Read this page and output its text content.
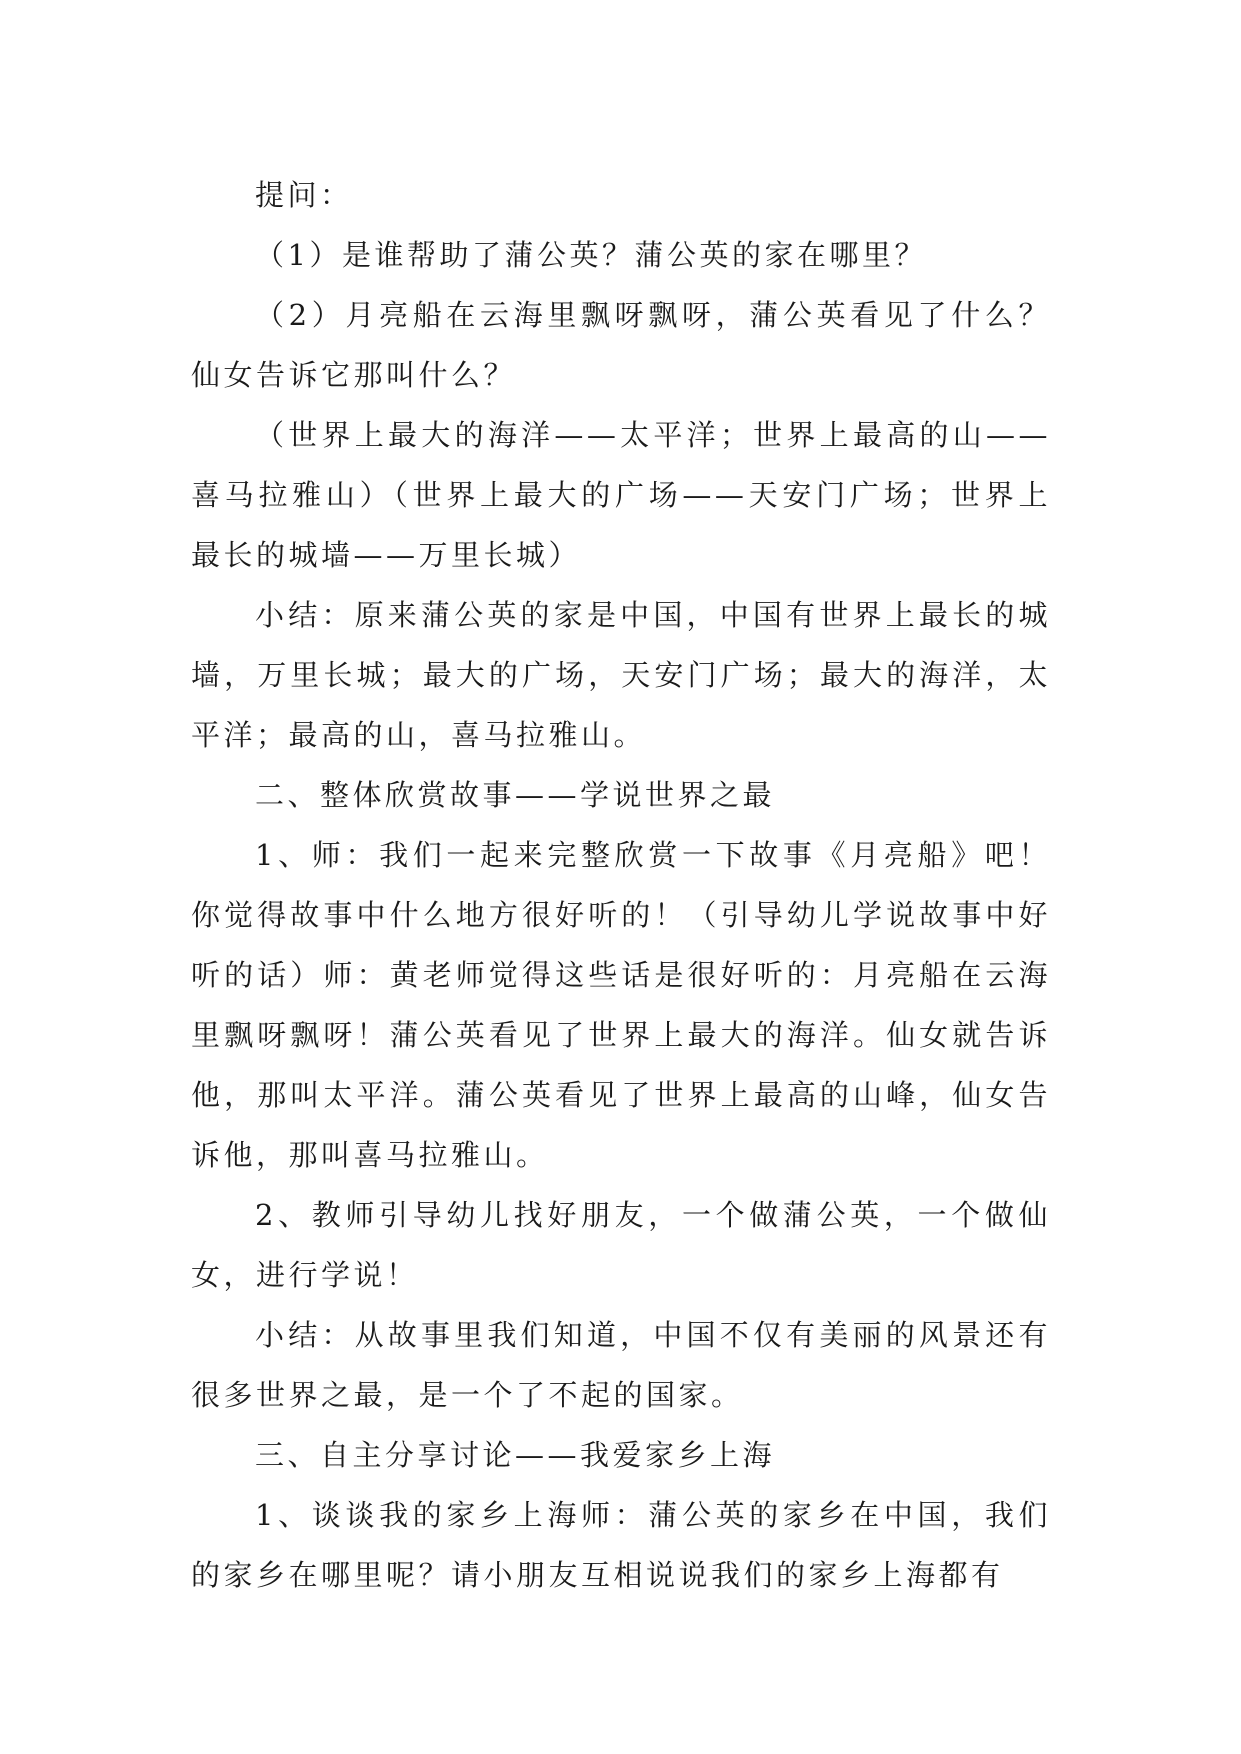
提问：

（1）是谁帮助了蒲公英？蒲公英的家在哪里？

（2）月亮船在云海里飘呀飘呀，蒲公英看见了什么？仙女告诉它那叫什么？

（世界上最大的海洋——太平洋；世界上最高的山——喜马拉雅山）（世界上最大的广场——天安门广场；世界上最长的城墙——万里长城）

小结：原来蒲公英的家是中国，中国有世界上最长的城墙，万里长城；最大的广场，天安门广场；最大的海洋，太平洋；最高的山，喜马拉雅山。

二、整体欣赏故事——学说世界之最

1、师：我们一起来完整欣赏一下故事《月亮船》吧！你觉得故事中什么地方很好听的！（引导幼儿学说故事中好听的话）师：黄老师觉得这些话是很好听的：月亮船在云海里飘呀飘呀！蒲公英看见了世界上最大的海洋。仙女就告诉他，那叫太平洋。蒲公英看见了世界上最高的山峰，仙女告诉他，那叫喜马拉雅山。

2、教师引导幼儿找好朋友，一个做蒲公英，一个做仙女，进行学说！

小结：从故事里我们知道，中国不仅有美丽的风景还有很多世界之最，是一个了不起的国家。

三、自主分享讨论——我爱家乡上海

1、谈谈我的家乡上海师：蒲公英的家乡在中国，我们的家乡在哪里呢？请小朋友互相说说我们的家乡上海都有
